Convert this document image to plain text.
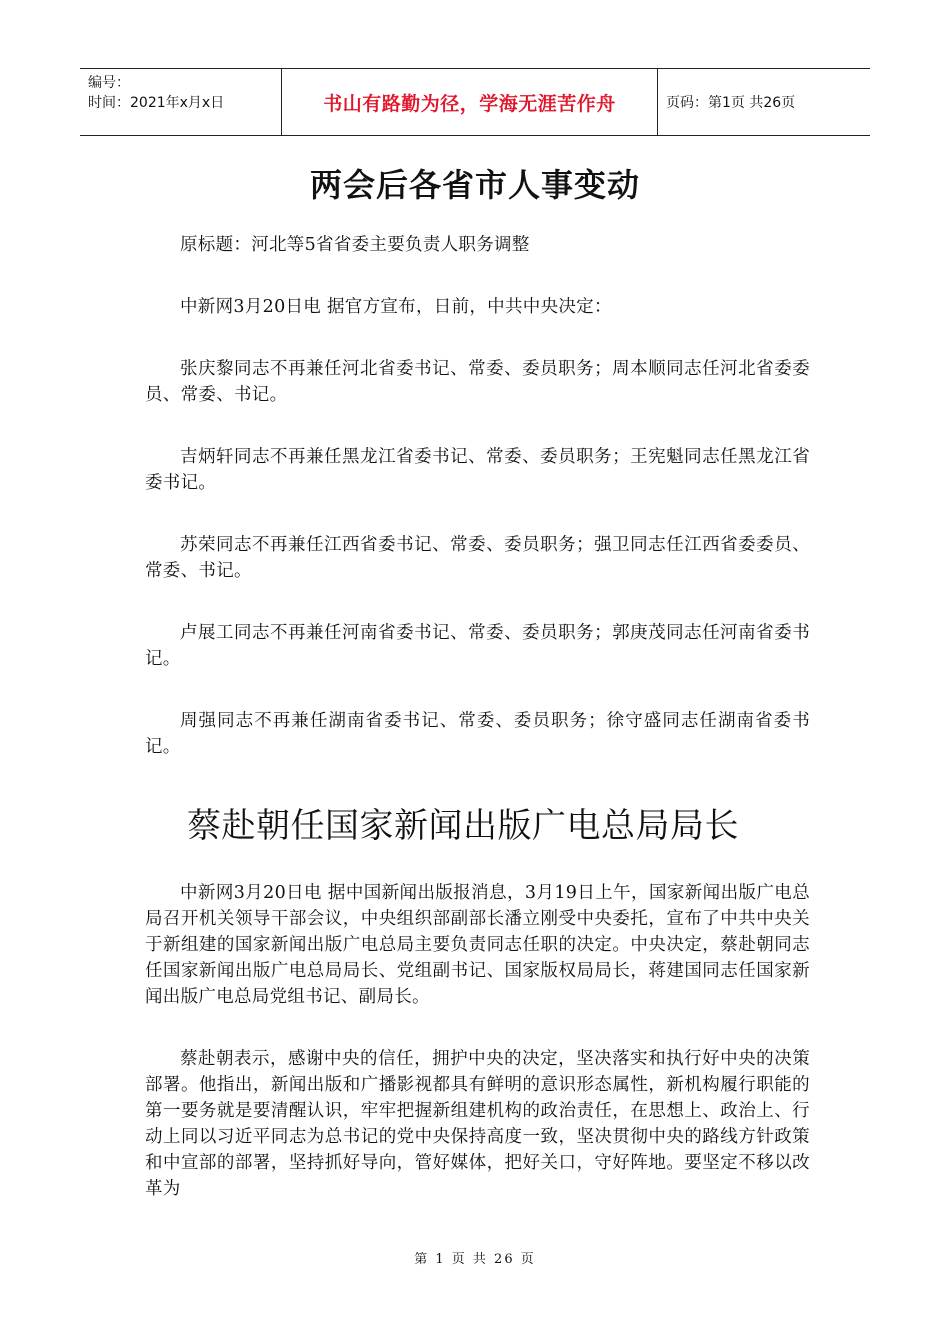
编号：
时间：2021年x月x日	书山有路勤为径，学海无涯苦作舟	页码：第1页 共26页
两会后各省市人事变动

原标题：河北等5省省委主要负责人职务调整

中新网3月20日电 据官方宣布，日前，中共中央决定：

张庆黎同志不再兼任河北省委书记、常委、委员职务；周本顺同志任河北省委委员、常委、书记。

吉炳轩同志不再兼任黑龙江省委书记、常委、委员职务；王宪魁同志任黑龙江省委书记。

苏荣同志不再兼任江西省委书记、常委、委员职务；强卫同志任江西省委委员、常委、书记。

卢展工同志不再兼任河南省委书记、常委、委员职务；郭庚茂同志任河南省委书记。

周强同志不再兼任湖南省委书记、常委、委员职务；徐守盛同志任湖南省委书记。

蔡赴朝任国家新闻出版广电总局局长

中新网3月20日电 据中国新闻出版报消息，3月19日上午，国家新闻出版广电总局召开机关领导干部会议，中央组织部副部长潘立刚受中央委托，宣布了中共中央关于新组建的国家新闻出版广电总局主要负责同志任职的决定。中央决定，蔡赴朝同志任国家新闻出版广电总局局长、党组副书记、国家版权局局长，蒋建国同志任国家新闻出版广电总局党组书记、副局长。

蔡赴朝表示，感谢中央的信任，拥护中央的决定，坚决落实和执行好中央的决策部署。他指出，新闻出版和广播影视都具有鲜明的意识形态属性，新机构履行职能的第一要务就是要清醒认识，牢牢把握新组建机构的政治责任，在思想上、政治上、行动上同以习近平同志为总书记的党中央保持高度一致，坚决贯彻中央的路线方针政策和中宣部的部署，坚持抓好导向，管好媒体，把好关口，守好阵地。要坚定不移以改革为

第 1 页 共 26 页
